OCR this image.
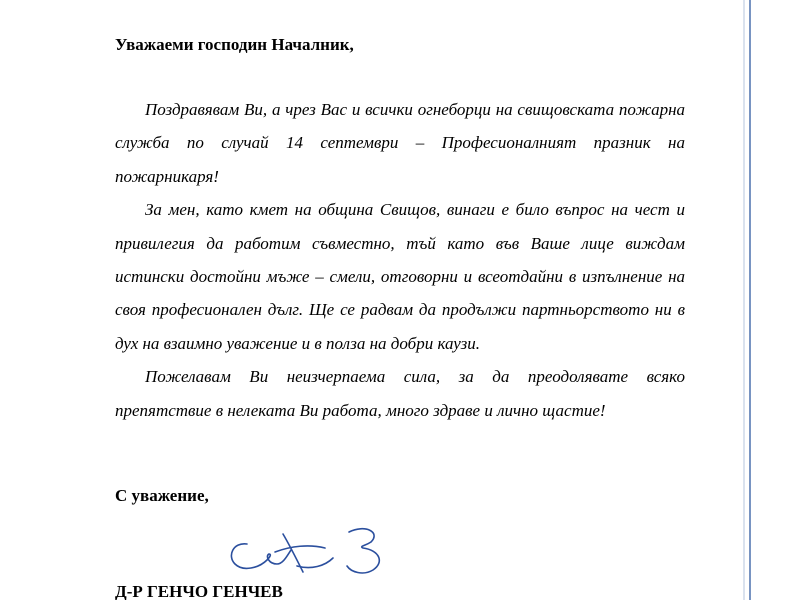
Уважаеми господин Началник,

Поздравявам Ви, а чрез Вас и всички огнеборци на свищовската пожарна служба по случай 14 септември – Професионалният празник на пожарникаря!

За мен, като кмет на община Свищов, винаги е било въпрос на чест и привилегия да работим съвместно, тъй като във Ваше лице виждам истински достойни мъже – смели, отговорни и всеотдайни в изпълнение на своя професионален дълг. Ще се радвам да продължи партньорството ни в дух на взаимно уважение и в полза на добри каузи.

Пожелавам Ви неизчерпаема сила, за да преодолявате всяко препятствие в нелеката Ви работа, много здраве и лично щастие!

С уважение,
Д-Р ГЕНЧО ГЕНЧЕВ
